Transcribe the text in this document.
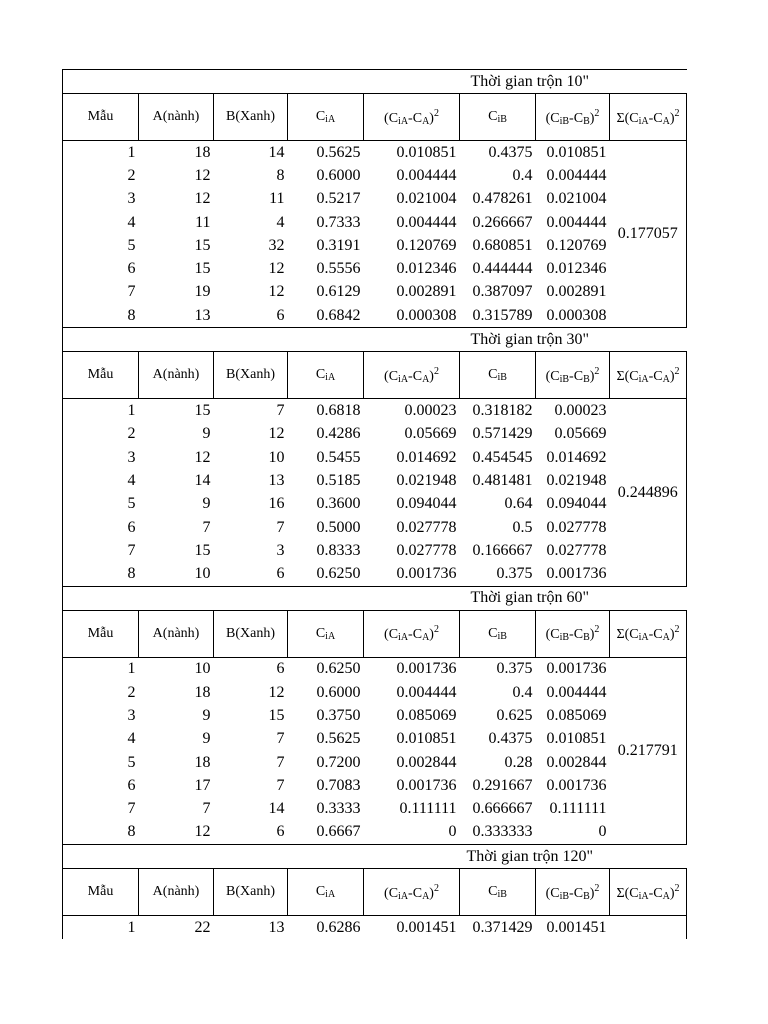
Thời gian trộn 10"							
Mẫu	A(nành)	B(Xanh)	$C_{iA}$	$(C_{iA}-C_A)^2$	$C_{iB}$	$(C_{iB}-C_B)^2$	$\Sigma(C_{iA}-C_A)^2$
1	18	14	0.5625	0.010851	0.4375	0.010851	0.177057
2	12	8	0.6000	0.004444	0.4	0.004444	
3	12	11	0.5217	0.021004	0.478261	0.021004	
4	11	4	0.7333	0.004444	0.266667	0.004444	
5	15	32	0.3191	0.120769	0.680851	0.120769	
6	15	12	0.5556	0.012346	0.444444	0.012346	
7	19	12	0.6129	0.002891	0.387097	0.002891	
8	13	6	0.6842	0.000308	0.315789	0.000308	
Thời gian trộn 30"							
Mẫu	A(nành)	B(Xanh)	$C_{iA}$	$(C_{iA}-C_A)^2$	$C_{iB}$	$(C_{iB}-C_B)^2$	$\Sigma(C_{iA}-C_A)^2$
1	15	7	0.6818	0.00023	0.318182	0.00023	0.244896
2	9	12	0.4286	0.05669	0.571429	0.05669	
3	12	10	0.5455	0.014692	0.454545	0.014692	
4	14	13	0.5185	0.021948	0.481481	0.021948	
5	9	16	0.3600	0.094044	0.64	0.094044	
6	7	7	0.5000	0.027778	0.5	0.027778	
7	15	3	0.8333	0.027778	0.166667	0.027778	
8	10	6	0.6250	0.001736	0.375	0.001736	
Thời gian trộn 60"							
Mẫu	A(nành)	B(Xanh)	$C_{iA}$	$(C_{iA}-C_A)^2$	$C_{iB}$	$(C_{iB}-C_B)^2$	$\Sigma(C_{iA}-C_A)^2$
1	10	6	0.6250	0.001736	0.375	0.001736	0.217791
2	18	12	0.6000	0.004444	0.4	0.004444	
3	9	15	0.3750	0.085069	0.625	0.085069	
4	9	7	0.5625	0.010851	0.4375	0.010851	
5	18	7	0.7200	0.002844	0.28	0.002844	
6	17	7	0.7083	0.001736	0.291667	0.001736	
7	7	14	0.3333	0.111111	0.666667	0.111111	
8	12	6	0.6667	0	0.333333	0	
Thời gian trộn 120"							
Mẫu	A(nành)	B(Xanh)	$C_{iA}$	$(C_{iA}-C_A)^2$	$C_{iB}$	$(C_{iB}-C_B)^2$	$\Sigma(C_{iA}-C_A)^2$
1	22	13	0.6286	0.001451	0.371429	0.001451	
